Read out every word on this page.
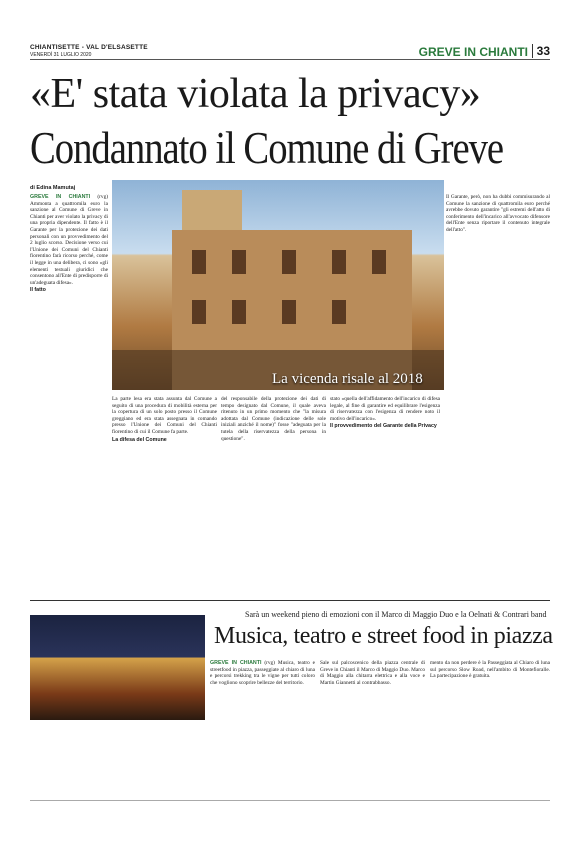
CHIANTISETTE - VAL D'ELSASETTE
VENERDÌ 31 LUGLIO 2020	GREVE IN CHIANTI 33
«E' stata violata la privacy»
Condannato il Comune di Greve
di Edina Mamutaj
La vicenda risale al 2018

GREVE IN CHIANTI (rvg) Ammonta a quattromila euro la sanzione al Comune di Greve in Chianti per aver violato la privacy di una propria dipendente. Il fatto è il Garante per la protezione dei dati personali con un provvedimento del 2 luglio scorso. Decisione verso cui l'Unione dei Comuni del Chianti fiorentino farà ricorso perché, come il legge in una delibera, ci sono «gli elementi testuali giuridici che consentono all'Ente di predisporre di un'adeguata difesa».

Il fatto

La parte lesa era stata assunta dal Comune a seguito di una procedura di mobilità esterna per la copertura di un solo posto presso il Comune greggiano ed era stata assegnata in comando presso l'Unione dei Comuni del Chianti fiorentino di cui il Comune fa parte.

La difesa del Comune

del responsabile della protezione dei dati di tempo designato dal Comune, il quale aveva ritenuto in un primo momento che "la misura adottata dal Comune (indicazione delle sole iniziali anziché il nome)" fosse "adeguata per la tutela della riservatezza della persona in questione".

stato «quella dell'affidamento dell'incarico di difesa legale, al fine di garantire ed equilibrare l'esigenza di riservatezza con l'esigenza di rendere noto il motivo dell'incarico».

Il provvedimento del Garante della Privacy

Il Garante, però, non ha dubbi commisurando al Comune la sanzione di quattromila euro perché avrebbe dovuto garantire "gli estremi dell'atto di conferimento dell'incarico all'avvocato difensore dell'Ente senza riportare il contenuto integrale dell'atto".

Sarà un weekend pieno di emozioni con il Marco di Maggio Duo e la Oelnati & Contrari band
Musica, teatro e street food in piazza

GREVE IN CHIANTI (rvg) Musica, teatro e streetfood in piazza, passeggiate al chiaro di luna e percorsi trekking tra le vigne per tutti coloro che vogliono scoprire bellezze del territorio.

Sale sul palcoscenico della piazza centrale di Greve in Chianti il Marco di Maggio Duo. Marco di Maggio alla chitarra elettrica e alla voce e Martin Giannetti al contrabbasso.

mento da non perdere è la Passeggiata al Chiaro di luna sul percorso Slow Road, nell'ambito di Montefioralle. La partecipazione è gratuita.
